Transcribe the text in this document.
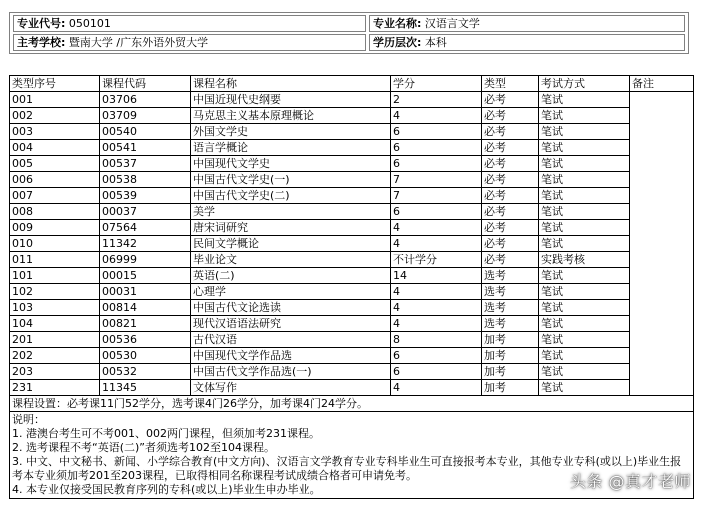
专业代号: 050101	专业名称: 汉语言文学
主考学校: 暨南大学 /广东外语外贸大学	学历层次: 本科
类型序号	课程代码	课程名称	学分	类型	考试方式	备注
001	03706	中国近现代史纲要	2	必考	笔试	
002	03709	马克思主义基本原理概论	4	必考	笔试	
003	00540	外国文学史	6	必考	笔试	
004	00541	语言学概论	6	必考	笔试	
005	00537	中国现代文学史	6	必考	笔试	
006	00538	中国古代文学史(一)	7	必考	笔试	
007	00539	中国古代文学史(二)	7	必考	笔试	
008	00037	美学	6	必考	笔试	
009	07564	唐宋词研究	4	必考	笔试	
010	11342	民间文学概论	4	必考	笔试	
011	06999	毕业论文	不计学分	必考	实践考核	
101	00015	英语(二)	14	选考	笔试	
102	00031	心理学	4	选考	笔试	
103	00814	中国古代文论选读	4	选考	笔试	
104	00821	现代汉语语法研究	4	选考	笔试	
201	00536	古代汉语	8	加考	笔试	
202	00530	中国现代文学作品选	6	加考	笔试	
203	00532	中国古代文学作品选(一)	6	加考	笔试	
231	11345	文体写作	4	加考	笔试	
课程设置：必考课11门52学分，选考课4门26学分，加考课4门24学分。						

说明：
1. 港澳台考生可不考001、002两门课程，但须加考231课程。
2. 选考课程不考“英语(二)”者须选考102至104课程。
3. 中文、中文秘书、新闻、小学综合教育(中文方向)、汉语言文学教育专业专科毕业生可直接报考本专业，其他专业专科(或以上)毕业生报考本专业须加考201至203课程，已取得相同名称课程考试成绩合格者可申请免考。
4. 本专业仅接受国民教育序列的专科(或以上)毕业生申办毕业。							头条 @真才老师
